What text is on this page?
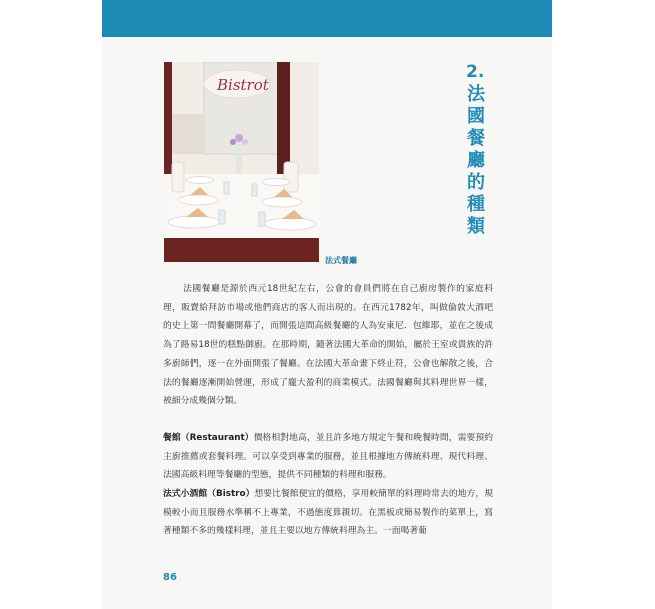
Bistrot
法式餐廳
2.
法
國
餐
廳
的
種
類

法國餐廳是源於西元18世紀左右，公會的會員們將在自己廚房製作的家庭料理，販賣給拜訪市場或他們商店的客人而出現的。在西元1782年，叫做倫敦大酒吧的史上第一間餐廳開幕了，而開張這間高級餐廳的人為安東尼．包維耶，並在之後成為了路易18世的糕點御廚。在那時期，隨著法國大革命的開始，屬於王室或貴族的許多廚師們，逐一在外面開張了餐廳。在法國大革命畫下終止符，公會也解散之後，合法的餐廳逐漸開始營運，形成了龐大盈利的商業模式。法國餐廳與其料理世界一樣，被細分成幾個分類。

餐館（Restaurant）價格相對地高，並且許多地方規定午餐和晚餐時間，需要預約主廚推薦或套餐料理。可以享受到專業的服務，並且根據地方傳統料理、現代料理、法國高級料理等餐廳的型態，提供不同種類的料理和服務。

法式小酒館（Bistro）想要比餐館便宜的價格，享用較簡單的料理時常去的地方，規模較小而且服務水準稱不上專業，不過態度算親切。在黑板或簡易製作的菜單上，寫著種類不多的幾樣料理，並且主要以地方傳統料理為主。一面喝著葡

86
